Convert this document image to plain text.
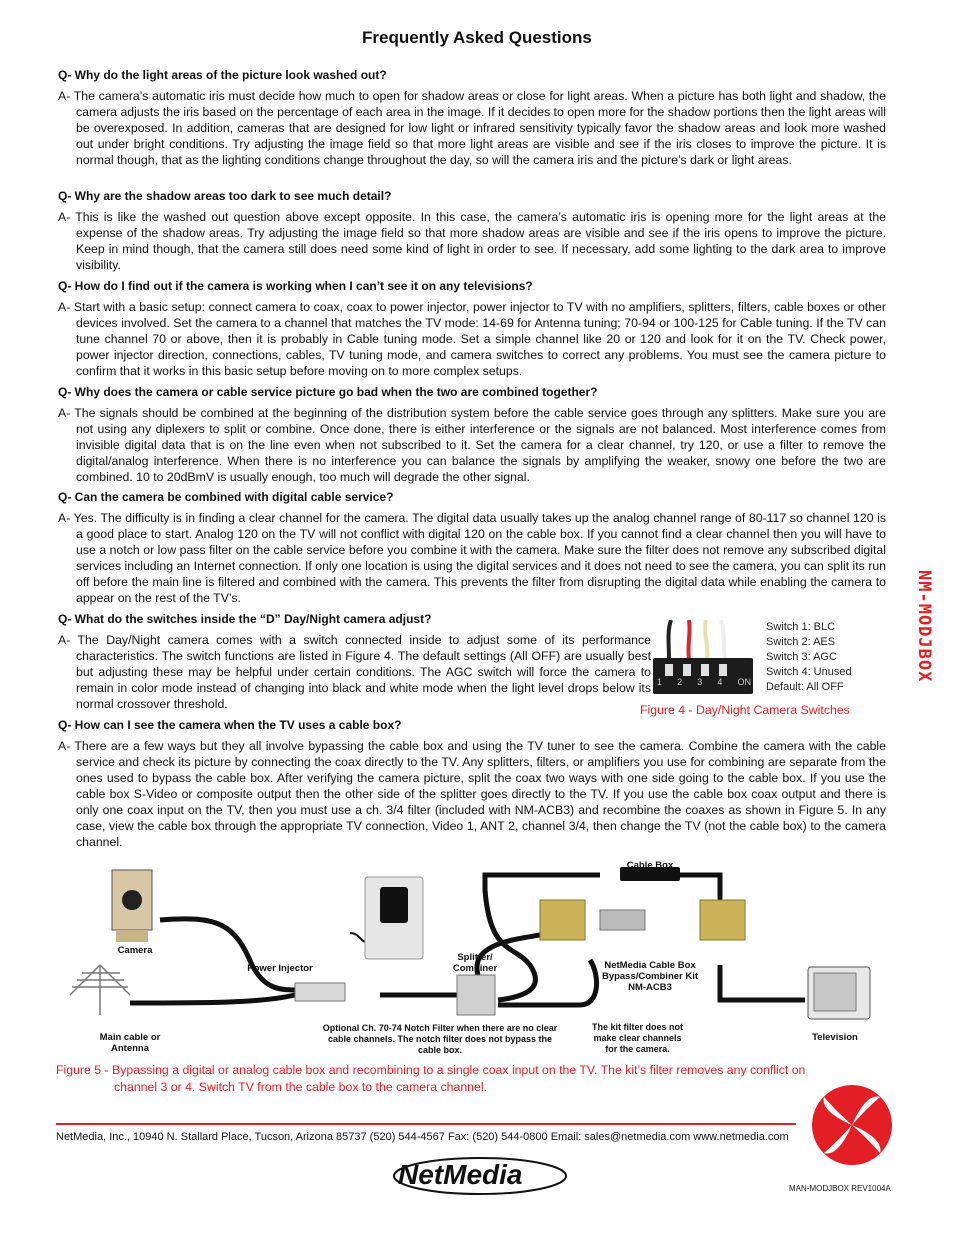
Frequently Asked Questions
Q- Why do the light areas of the picture look washed out?
A- The camera’s automatic iris must decide how much to open for shadow areas or close for light areas. When a picture has both light and shadow, the camera adjusts the iris based on the percentage of each area in the image. If it decides to open more for the shadow portions then the light areas will be overexposed. In addition, cameras that are designed for low light or infrared sensitivity typically favor the shadow areas and look more washed out under bright conditions. Try adjusting the image field so that more light areas are visible and see if the iris closes to improve the picture. It is normal though, that as the lighting conditions change throughout the day, so will the camera iris and the picture’s dark or light areas.
Q- Why are the shadow areas too dark to see much detail?
A- This is like the washed out question above except opposite. In this case, the camera’s automatic iris is opening more for the light areas at the expense of the shadow areas. Try adjusting the image field so that more shadow areas are visible and see if the iris opens to improve the picture. Keep in mind though, that the camera still does need some kind of light in order to see. If necessary, add some lighting to the dark area to improve visibility.
Q- How do I find out if the camera is working when I can’t see it on any televisions?
A- Start with a basic setup: connect camera to coax, coax to power injector, power injector to TV with no amplifiers, splitters, filters, cable boxes or other devices involved. Set the camera to a channel that matches the TV mode: 14-69 for Antenna tuning; 70-94 or 100-125 for Cable tuning. If the TV can tune channel 70 or above, then it is probably in Cable tuning mode. Set a simple channel like 20 or 120 and look for it on the TV. Check power, power injector direction, connections, cables, TV tuning mode, and camera switches to correct any problems. You must see the camera picture to confirm that it works in this basic setup before moving on to more complex setups.
Q- Why does the camera or cable service picture go bad when the two are combined together?
A- The signals should be combined at the beginning of the distribution system before the cable service goes through any splitters. Make sure you are not using any diplexers to split or combine. Once done, there is either interference or the signals are not balanced. Most interference comes from invisible digital data that is on the line even when not subscribed to it. Set the camera for a clear channel, try 120, or use a filter to remove the digital/analog interference. When there is no interference you can balance the signals by amplifying the weaker, snowy one before the two are combined. 10 to 20dBmV is usually enough, too much will degrade the other signal.
Q- Can the camera be combined with digital cable service?
A- Yes. The difficulty is in finding a clear channel for the camera. The digital data usually takes up the analog channel range of 80-117 so channel 120 is a good place to start. Analog 120 on the TV will not conflict with digital 120 on the cable box. If you cannot find a clear channel then you will have to use a notch or low pass filter on the cable service before you combine it with the camera. Make sure the filter does not remove any subscribed digital services including an Internet connection. If only one location is using the digital services and it does not need to see the camera, you can split its run off before the main line is filtered and combined with the camera. This prevents the filter from disrupting the digital data while enabling the camera to appear on the rest of the TV’s.
Q- What do the switches inside the “D” Day/Night camera adjust?
A- The Day/Night camera comes with a switch connected inside to adjust some of its performance characteristics. The switch functions are listed in Figure 4. The default settings (All OFF) are usually best but adjusting these may be helpful under certain conditions. The AGC switch will force the camera to remain in color mode instead of changing into black and white mode when the light level drops below its normal crossover threshold.
1 2 3 4 ON
Switch 1: BLC
Switch 2: AES
Switch 3: AGC
Switch 4: Unused
Default: All OFF
Figure 4 - Day/Night Camera Switches
Q- How can I see the camera when the TV uses a cable box?
A- There are a few ways but they all involve bypassing the cable box and using the TV tuner to see the camera. Combine the camera with the cable service and check its picture by connecting the coax directly to the TV. Any splitters, filters, or amplifiers you use for combining are separate from the ones used to bypass the cable box. After verifying the camera picture, split the coax two ways with one side going to the cable box. If you use the cable box S-Video or composite output then the other side of the splitter goes directly to the TV. If you use the cable box coax output and there is only one coax input on the TV, then you must use a ch. 3/4 filter (included with NM-ACB3) and recombine the coaxes as shown in Figure 5. In any case, view the cable box through the appropriate TV connection, Video 1, ANT 2, channel 3/4, then change the TV (not the cable box) to the camera channel.
NM-MODJBOX
Camera
Power Injector
Splitter/ Combiner
Cable Box
NetMedia Cable Box Bypass/Combiner Kit NM-ACB3
Main cable or Antenna
Optional Ch. 70-74 Notch Filter when there are no clear cable channels. The notch filter does not bypass the cable box.
The kit filter does not make clear channels for the camera.
Television
Figure 5 - Bypassing a digital or analog cable box and recombining to a single coax input on the TV. The kit’s filter removes any conflict on
channel 3 or 4. Switch TV from the cable box to the camera channel.
NetMedia, Inc., 10940 N. Stallard Place, Tucson, Arizona 85737 (520) 544-4567 Fax: (520) 544-0800 Email: sales@netmedia.com www.netmedia.com
NetMedia	MAN-MODJBOX REV1004A
